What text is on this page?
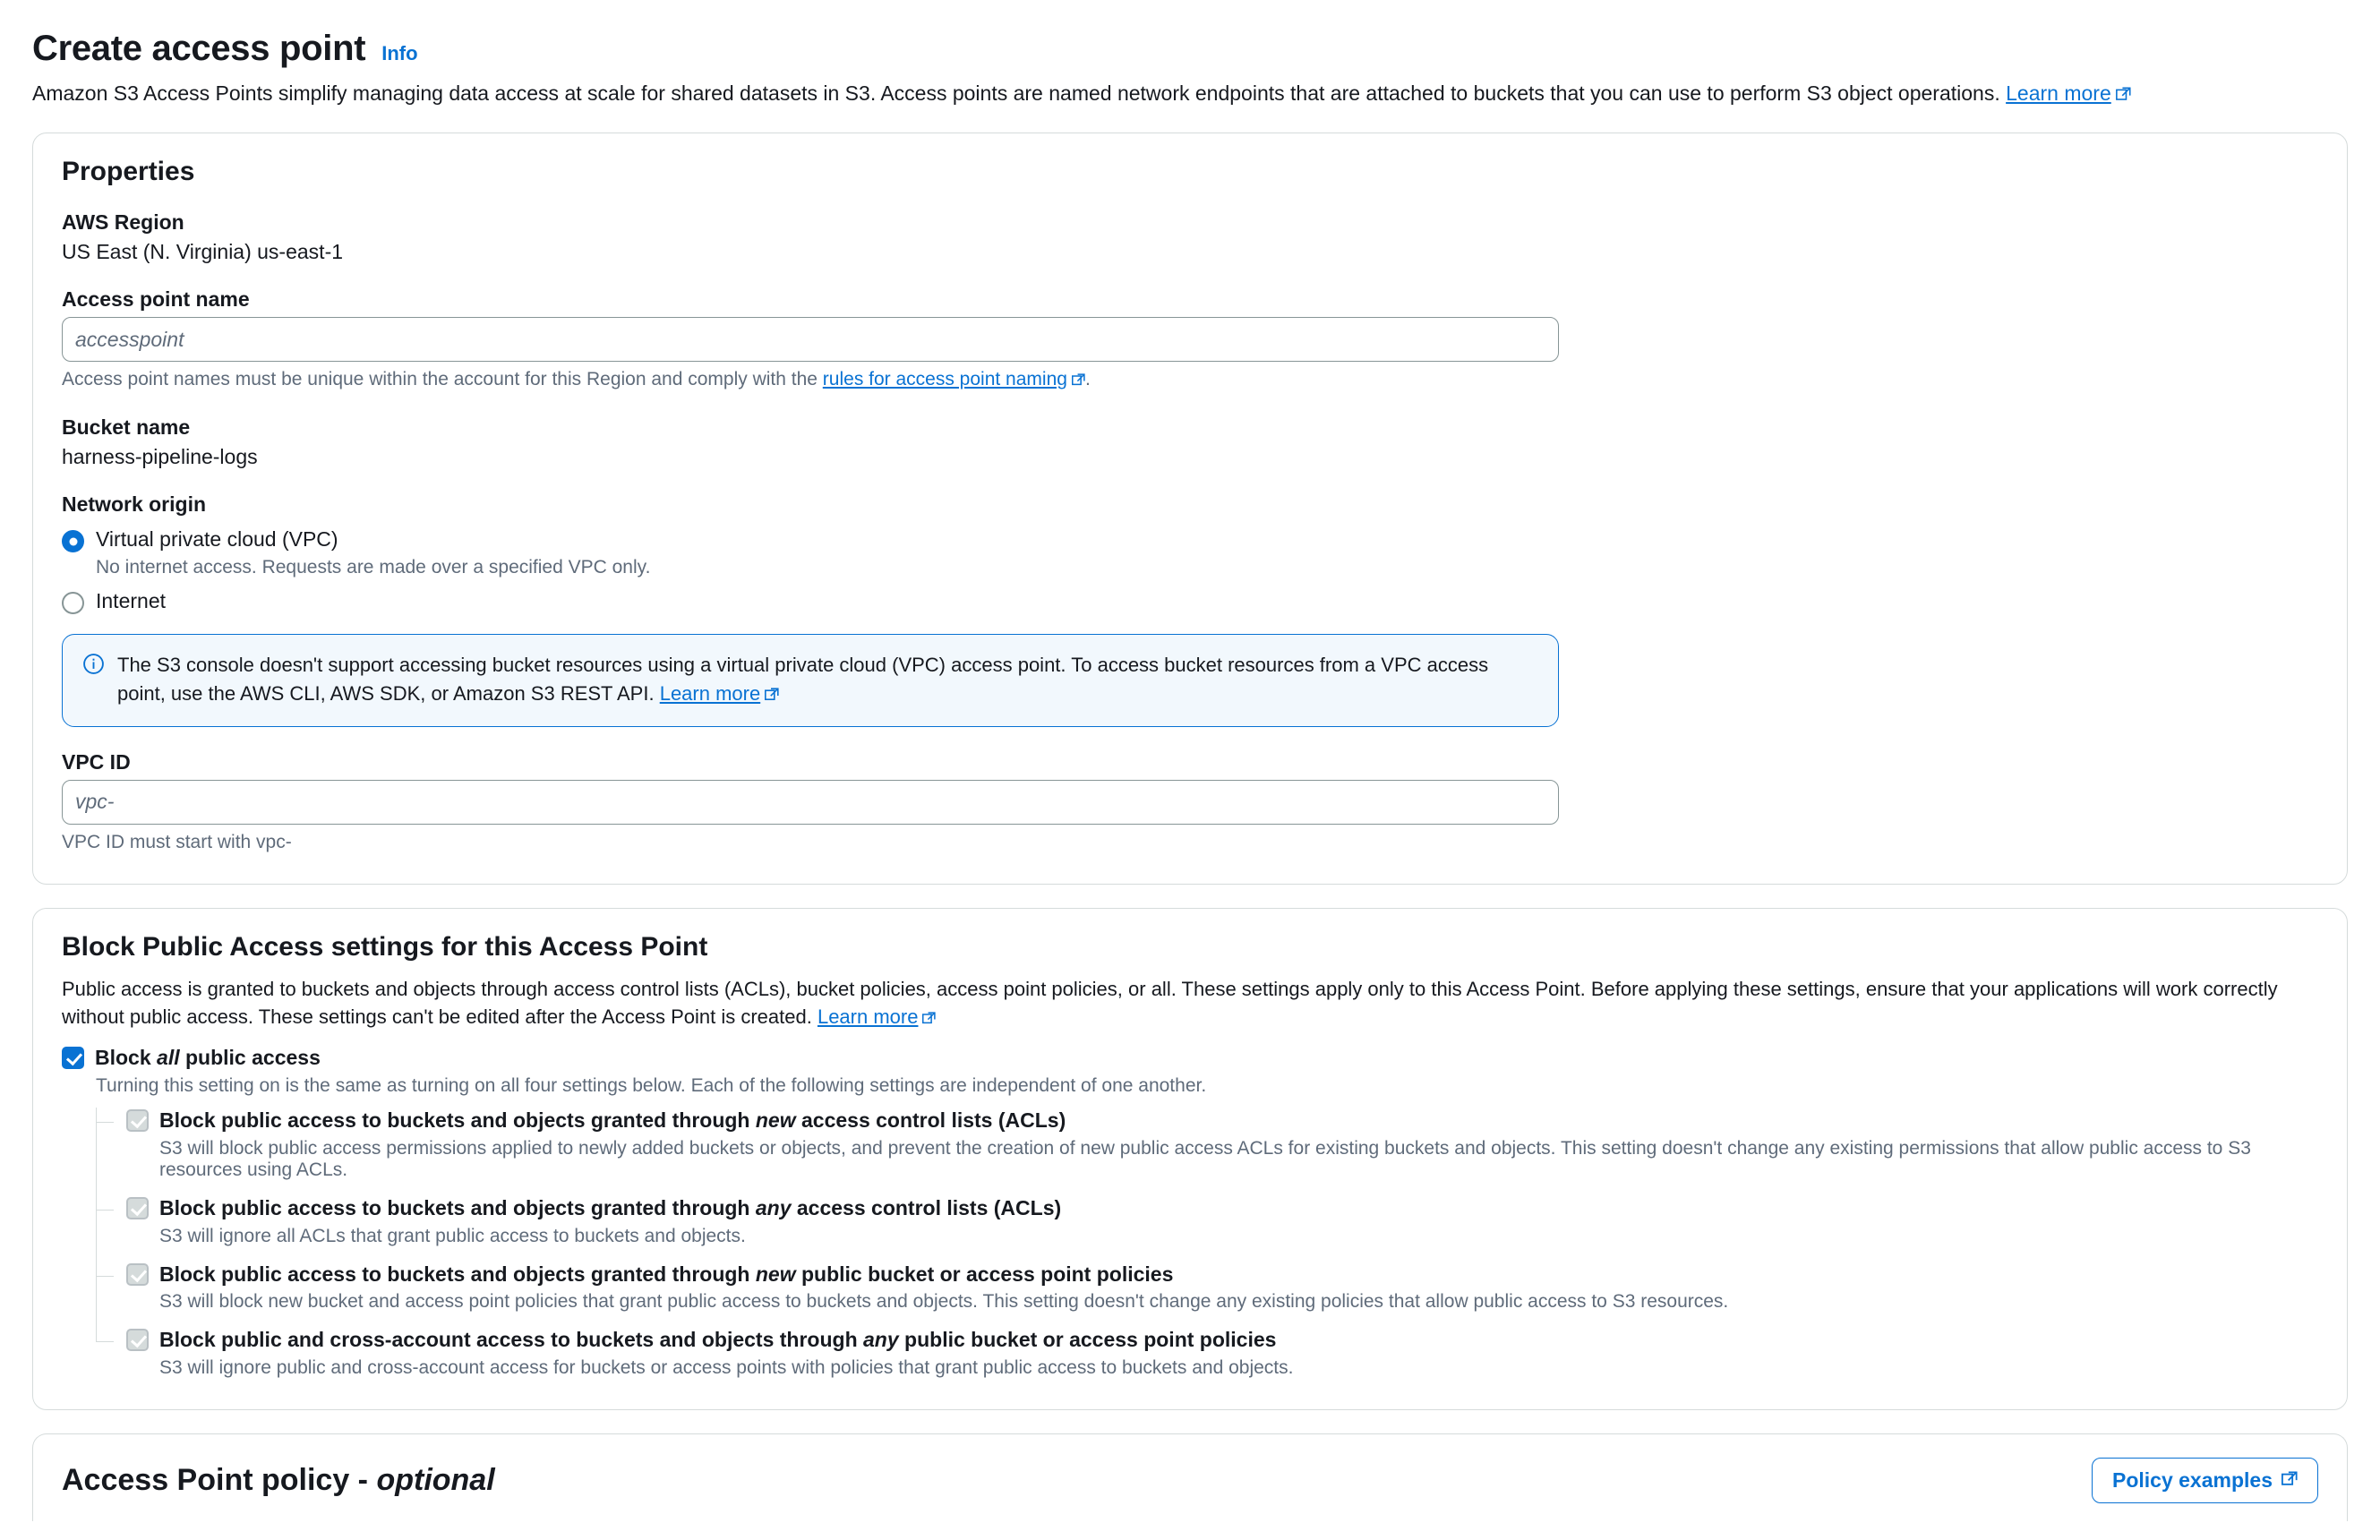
Create access point Info
Amazon S3 Access Points simplify managing data access at scale for shared datasets in S3. Access points are named network endpoints that are attached to buckets that you can use to perform S3 object operations. Learn more
Properties
AWS Region
US East (N. Virginia) us-east-1
Access point name
accesspoint
Access point names must be unique within the account for this Region and comply with the rules for access point naming .
Bucket name
harness-pipeline-logs
Network origin
Virtual private cloud (VPC)
No internet access. Requests are made over a specified VPC only.
Internet
The S3 console doesn't support accessing bucket resources using a virtual private cloud (VPC) access point. To access bucket resources from a VPC access point, use the AWS CLI, AWS SDK, or Amazon S3 REST API. Learn more
VPC ID
vpc-
VPC ID must start with vpc-
Block Public Access settings for this Access Point

Public access is granted to buckets and objects through access control lists (ACLs), bucket policies, access point policies, or all. These settings apply only to this Access Point. Before applying these settings, ensure that your applications will work correctly without public access. These settings can't be edited after the Access Point is created. Learn more

Block all public access
Turning this setting on is the same as turning on all four settings below. Each of the following settings are independent of one another.
Block public access to buckets and objects granted through new access control lists (ACLs)
S3 will block public access permissions applied to newly added buckets or objects, and prevent the creation of new public access ACLs for existing buckets and objects. This setting doesn't change any existing permissions that allow public access to S3 resources using ACLs.
Block public access to buckets and objects granted through any access control lists (ACLs)
S3 will ignore all ACLs that grant public access to buckets and objects.
Block public access to buckets and objects granted through new public bucket or access point policies
S3 will block new bucket and access point policies that grant public access to buckets and objects. This setting doesn't change any existing policies that allow public access to S3 resources.
Block public and cross-account access to buckets and objects through any public bucket or access point policies
S3 will ignore public and cross-account access for buckets or access points with policies that grant public access to buckets and objects.
Access Point policy - optional	Policy examples
